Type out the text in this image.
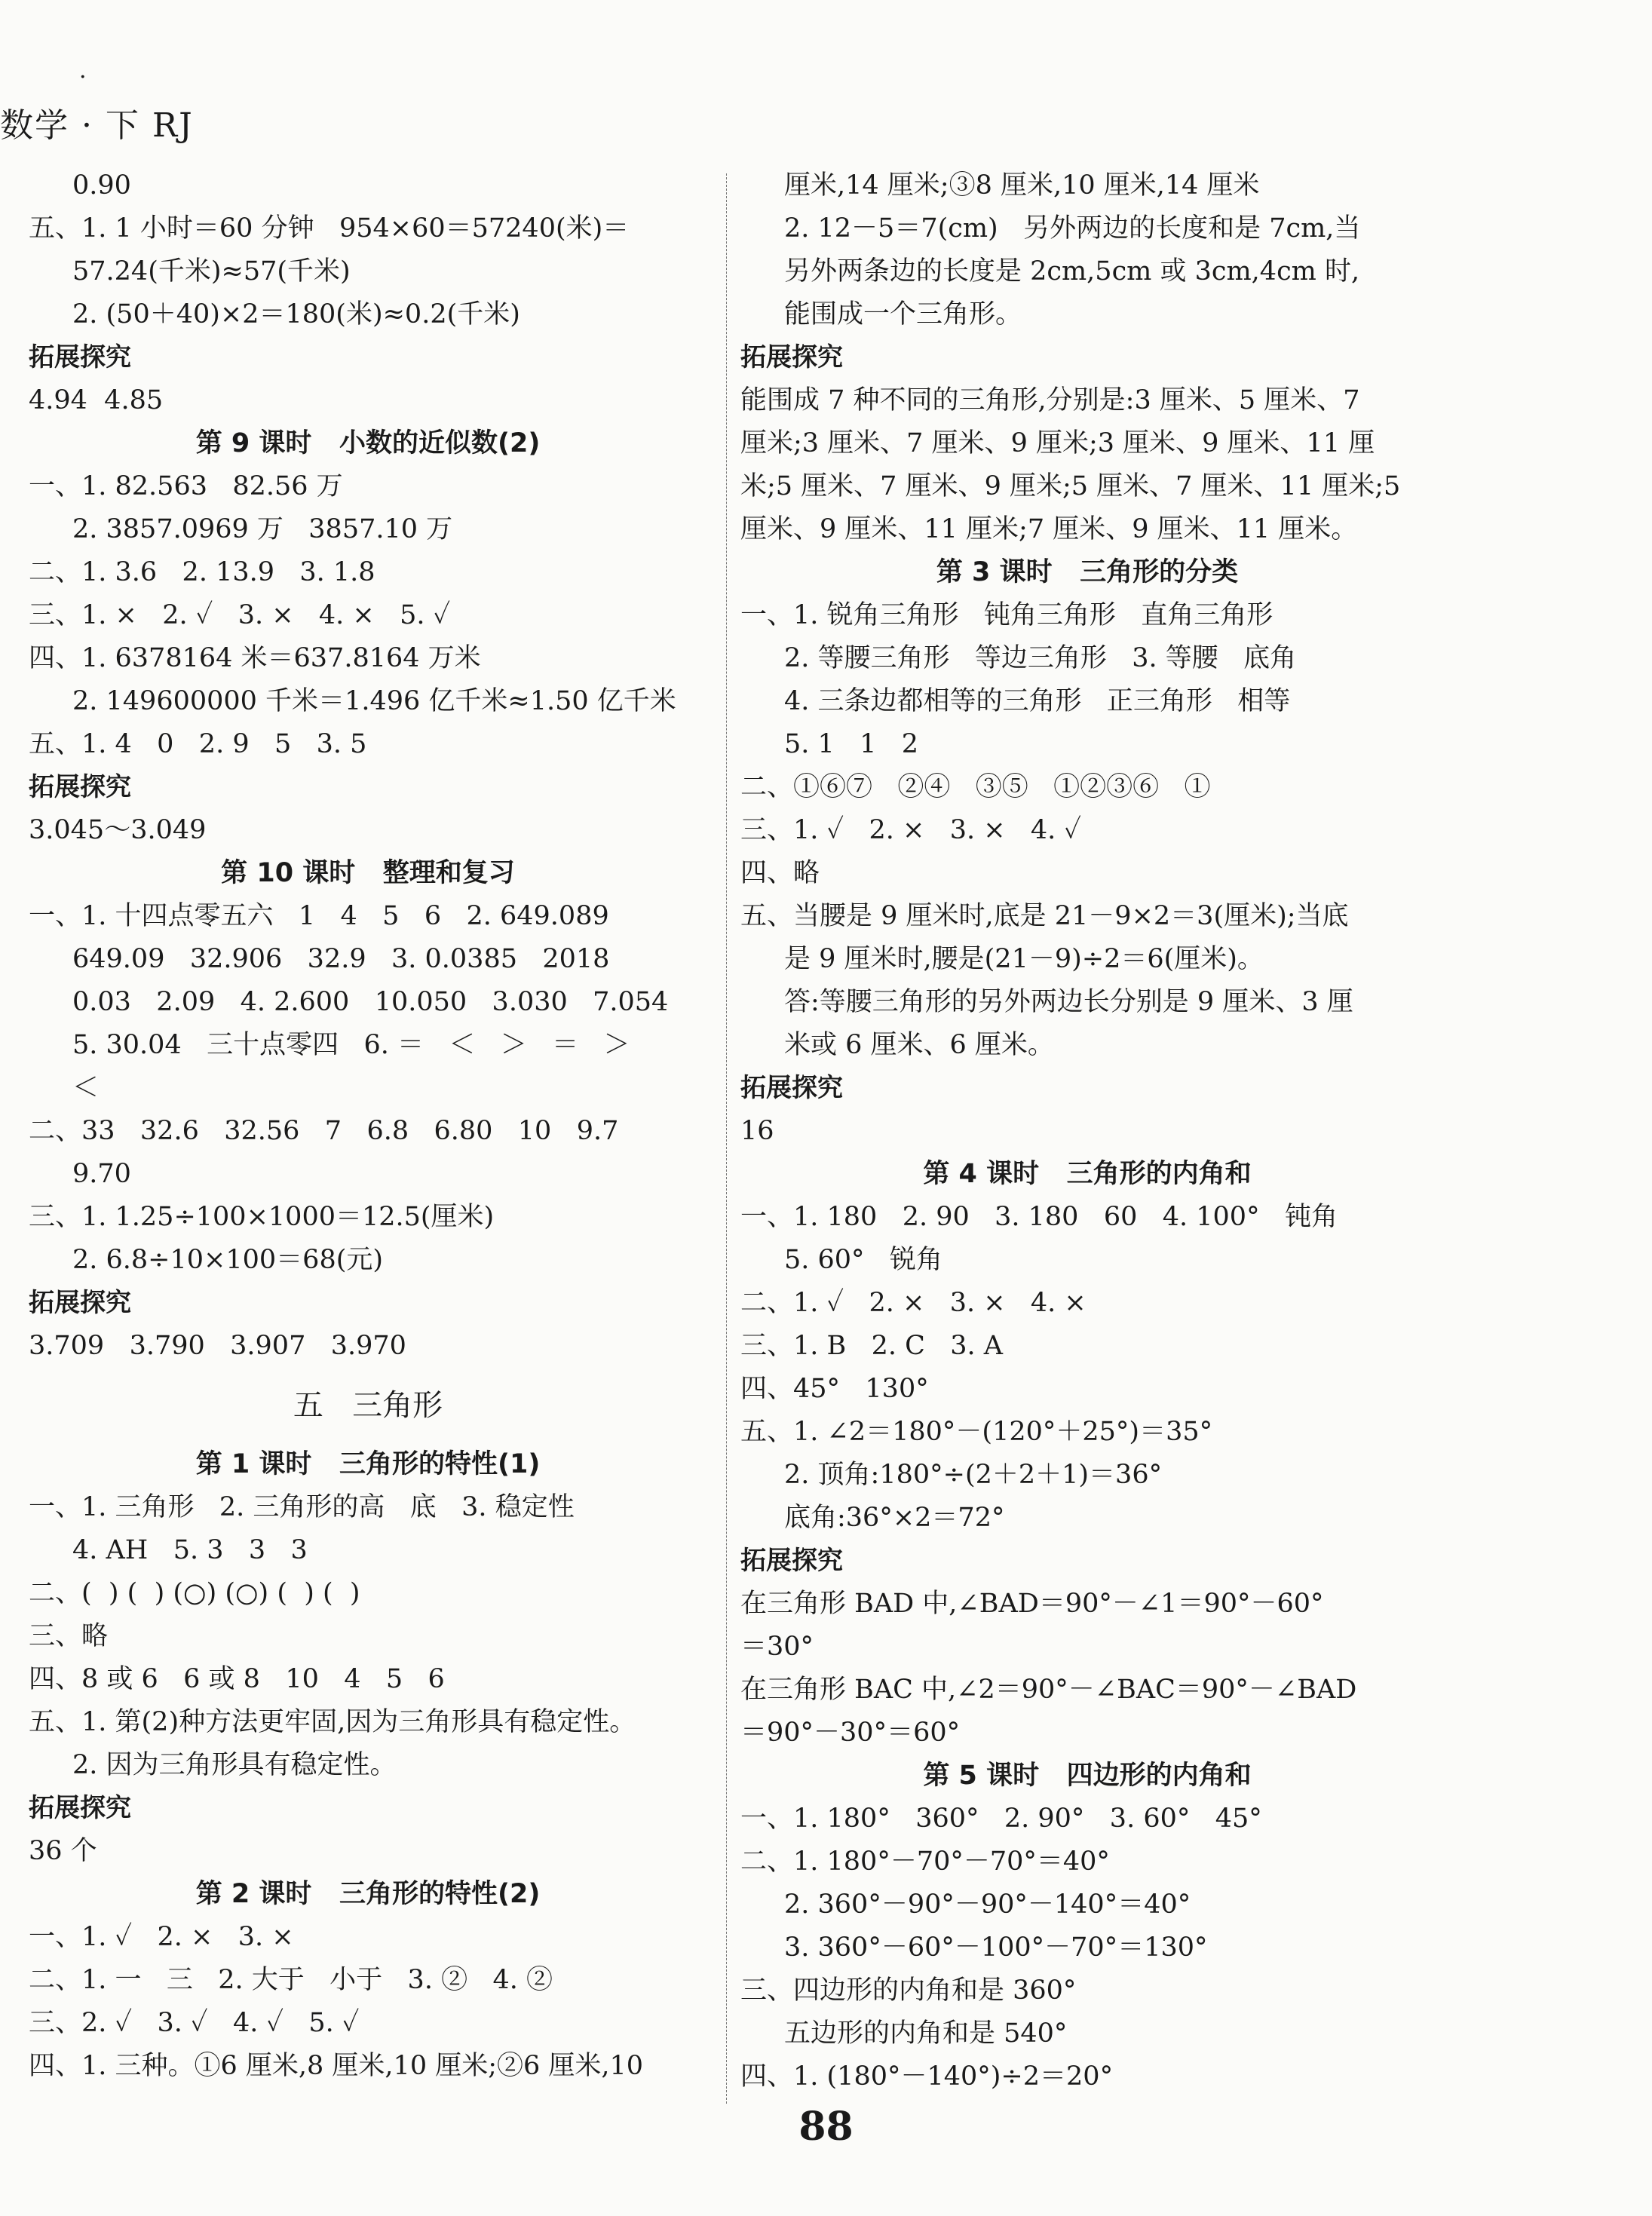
·
数学 · 下 RJ
0.90
五、1. 1 小时＝60 分钟   954×60＝57240(米)＝
57.24(千米)≈57(千米)
2. (50＋40)×2＝180(米)≈0.2(千米)
拓展探究
4.94  4.85
第 9 课时   小数的近似数(2)
一、1. 82.563   82.56 万
2. 3857.0969 万   3857.10 万
二、1. 3.6   2. 13.9   3. 1.8
三、1. ×   2. ✓   3. ×   4. ×   5. ✓
四、1. 6378164 米＝637.8164 万米
2. 149600000 千米＝1.496 亿千米≈1.50 亿千米
五、1. 4   0   2. 9   5   3. 5
拓展探究
3.045～3.049
第 10 课时   整理和复习
一、1. 十四点零五六   1   4   5   6   2. 649.089
649.09   32.906   32.9   3. 0.0385   2018
0.03   2.09   4. 2.600   10.050   3.030   7.054
5. 30.04   三十点零四   6. ＝   ＜   ＞   ＝   ＞
＜
二、33   32.6   32.56   7   6.8   6.80   10   9.7
9.70
三、1. 1.25÷100×1000＝12.5(厘米)
2. 6.8÷10×100＝68(元)
拓展探究
3.709   3.790   3.907   3.970
五   三角形
第 1 课时   三角形的特性(1)
一、1. 三角形   2. 三角形的高   底   3. 稳定性
4. AH   5. 3   3   3
二、(  ) (  ) (○) (○) (  ) (  )
三、略
四、8 或 6   6 或 8   10   4   5   6
五、1. 第(2)种方法更牢固,因为三角形具有稳定性。
2. 因为三角形具有稳定性。
拓展探究
36 个
第 2 课时   三角形的特性(2)
一、1. ✓   2. ×   3. ×
二、1. 一   三   2. 大于   小于   3. ②   4. ②
三、2. ✓   3. ✓   4. ✓   5. ✓
四、1. 三种。①6 厘米,8 厘米,10 厘米;②6 厘米,10
厘米,14 厘米;③8 厘米,10 厘米,14 厘米
2. 12－5＝7(cm)   另外两边的长度和是 7cm,当
另外两条边的长度是 2cm,5cm 或 3cm,4cm 时,
能围成一个三角形。
拓展探究
能围成 7 种不同的三角形,分别是:3 厘米、5 厘米、7
厘米;3 厘米、7 厘米、9 厘米;3 厘米、9 厘米、11 厘
米;5 厘米、7 厘米、9 厘米;5 厘米、7 厘米、11 厘米;5
厘米、9 厘米、11 厘米;7 厘米、9 厘米、11 厘米。
第 3 课时   三角形的分类
一、1. 锐角三角形   钝角三角形   直角三角形
2. 等腰三角形   等边三角形   3. 等腰   底角
4. 三条边都相等的三角形   正三角形   相等
5. 1   1   2
二、①⑥⑦   ②④   ③⑤   ①②③⑥   ①
三、1. ✓   2. ×   3. ×   4. ✓
四、略
五、当腰是 9 厘米时,底是 21－9×2＝3(厘米);当底
是 9 厘米时,腰是(21－9)÷2＝6(厘米)。
答:等腰三角形的另外两边长分别是 9 厘米、3 厘
米或 6 厘米、6 厘米。
拓展探究
16
第 4 课时   三角形的内角和
一、1. 180   2. 90   3. 180   60   4. 100°   钝角
5. 60°   锐角
二、1. ✓   2. ×   3. ×   4. ×
三、1. B   2. C   3. A
四、45°   130°
五、1. ∠2＝180°－(120°＋25°)＝35°
2. 顶角:180°÷(2＋2＋1)＝36°
底角:36°×2＝72°
拓展探究
在三角形 BAD 中,∠BAD＝90°－∠1＝90°－60°
＝30°
在三角形 BAC 中,∠2＝90°－∠BAC＝90°－∠BAD
＝90°－30°＝60°
第 5 课时   四边形的内角和
一、1. 180°   360°   2. 90°   3. 60°   45°
二、1. 180°－70°－70°＝40°
2. 360°－90°－90°－140°＝40°
3. 360°－60°－100°－70°＝130°
三、四边形的内角和是 360°
五边形的内角和是 540°
四、1. (180°－140°)÷2＝20°
88
